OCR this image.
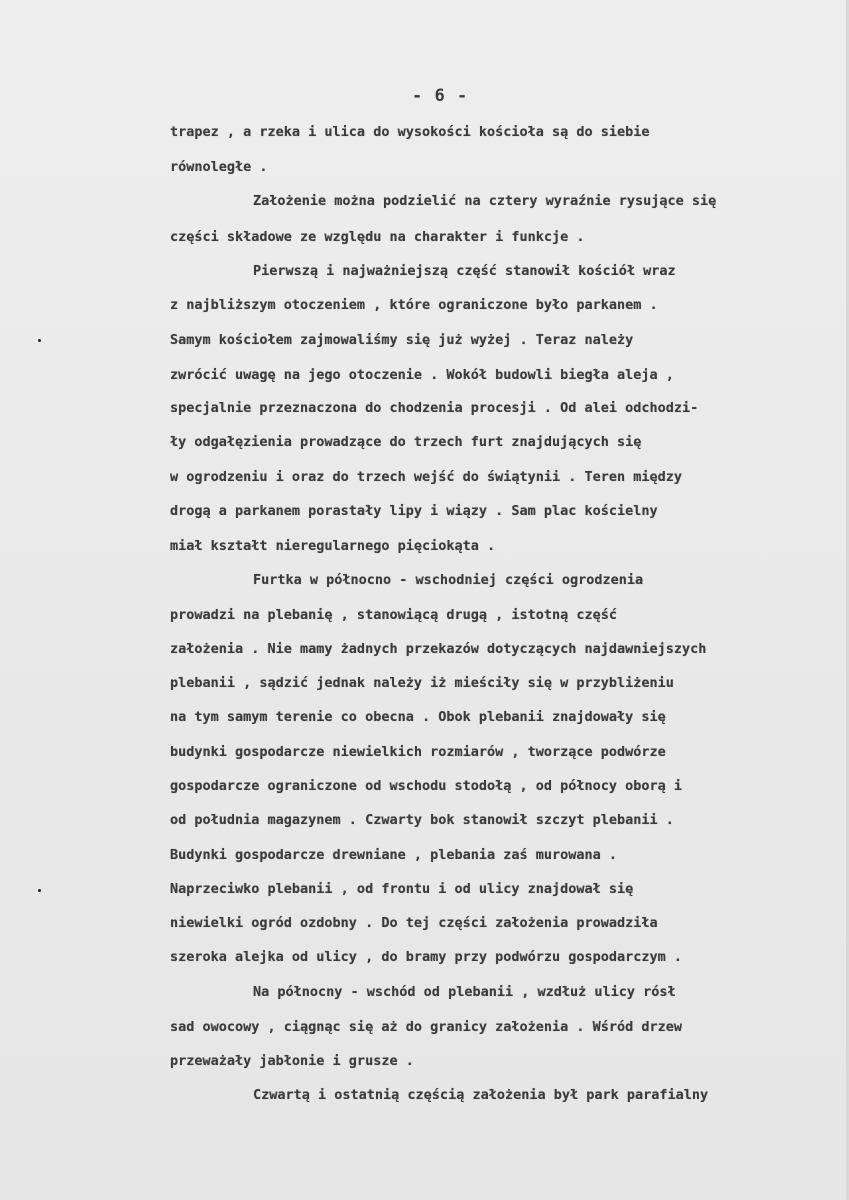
- 6 -
trapez , a rzeka i ulica do wysokości kościoła są do siebie
równoległe .
Założenie można podzielić na cztery wyraźnie rysujące się
części składowe ze względu na charakter i funkcje .
Pierwszą i najważniejszą część stanowił kościół wraz
z najbliższym otoczeniem , które ograniczone było parkanem .
Samym kościołem zajmowaliśmy się już wyżej . Teraz należy
zwrócić uwagę na jego otoczenie . Wokół budowli biegła aleja ,
specjalnie przeznaczona do chodzenia procesji . Od alei odchodzi-
ły odgałęzienia prowadzące do trzech furt znajdujących się
w ogrodzeniu i oraz do trzech wejść do świątynii . Teren między
drogą a parkanem porastały lipy i wiązy . Sam plac kościelny
miał kształt nieregularnego pięciokąta .
Furtka w północno - wschodniej części ogrodzenia
prowadzi na plebanię , stanowiącą drugą , istotną część
założenia . Nie mamy żadnych przekazów dotyczących najdawniejszych
plebanii , sądzić jednak należy iż mieściły się w przybliżeniu
na tym samym terenie co obecna . Obok plebanii znajdowały się
budynki gospodarcze niewielkich rozmiarów , tworzące podwórze
gospodarcze ograniczone od wschodu stodołą , od północy oborą i
od południa magazynem . Czwarty bok stanowił szczyt plebanii .
Budynki gospodarcze drewniane , plebania zaś murowana .
Naprzeciwko plebanii , od frontu i od ulicy znajdował się
niewielki ogród ozdobny . Do tej części założenia prowadziła
szeroka alejka od ulicy , do bramy przy podwórzu gospodarczym .
Na północny - wschód od plebanii , wzdłuż ulicy rósł
sad owocowy , ciągnąc się aż do granicy założenia . Wśród drzew
przeważały jabłonie i grusze .
Czwartą i ostatnią częścią założenia był park parafialny
